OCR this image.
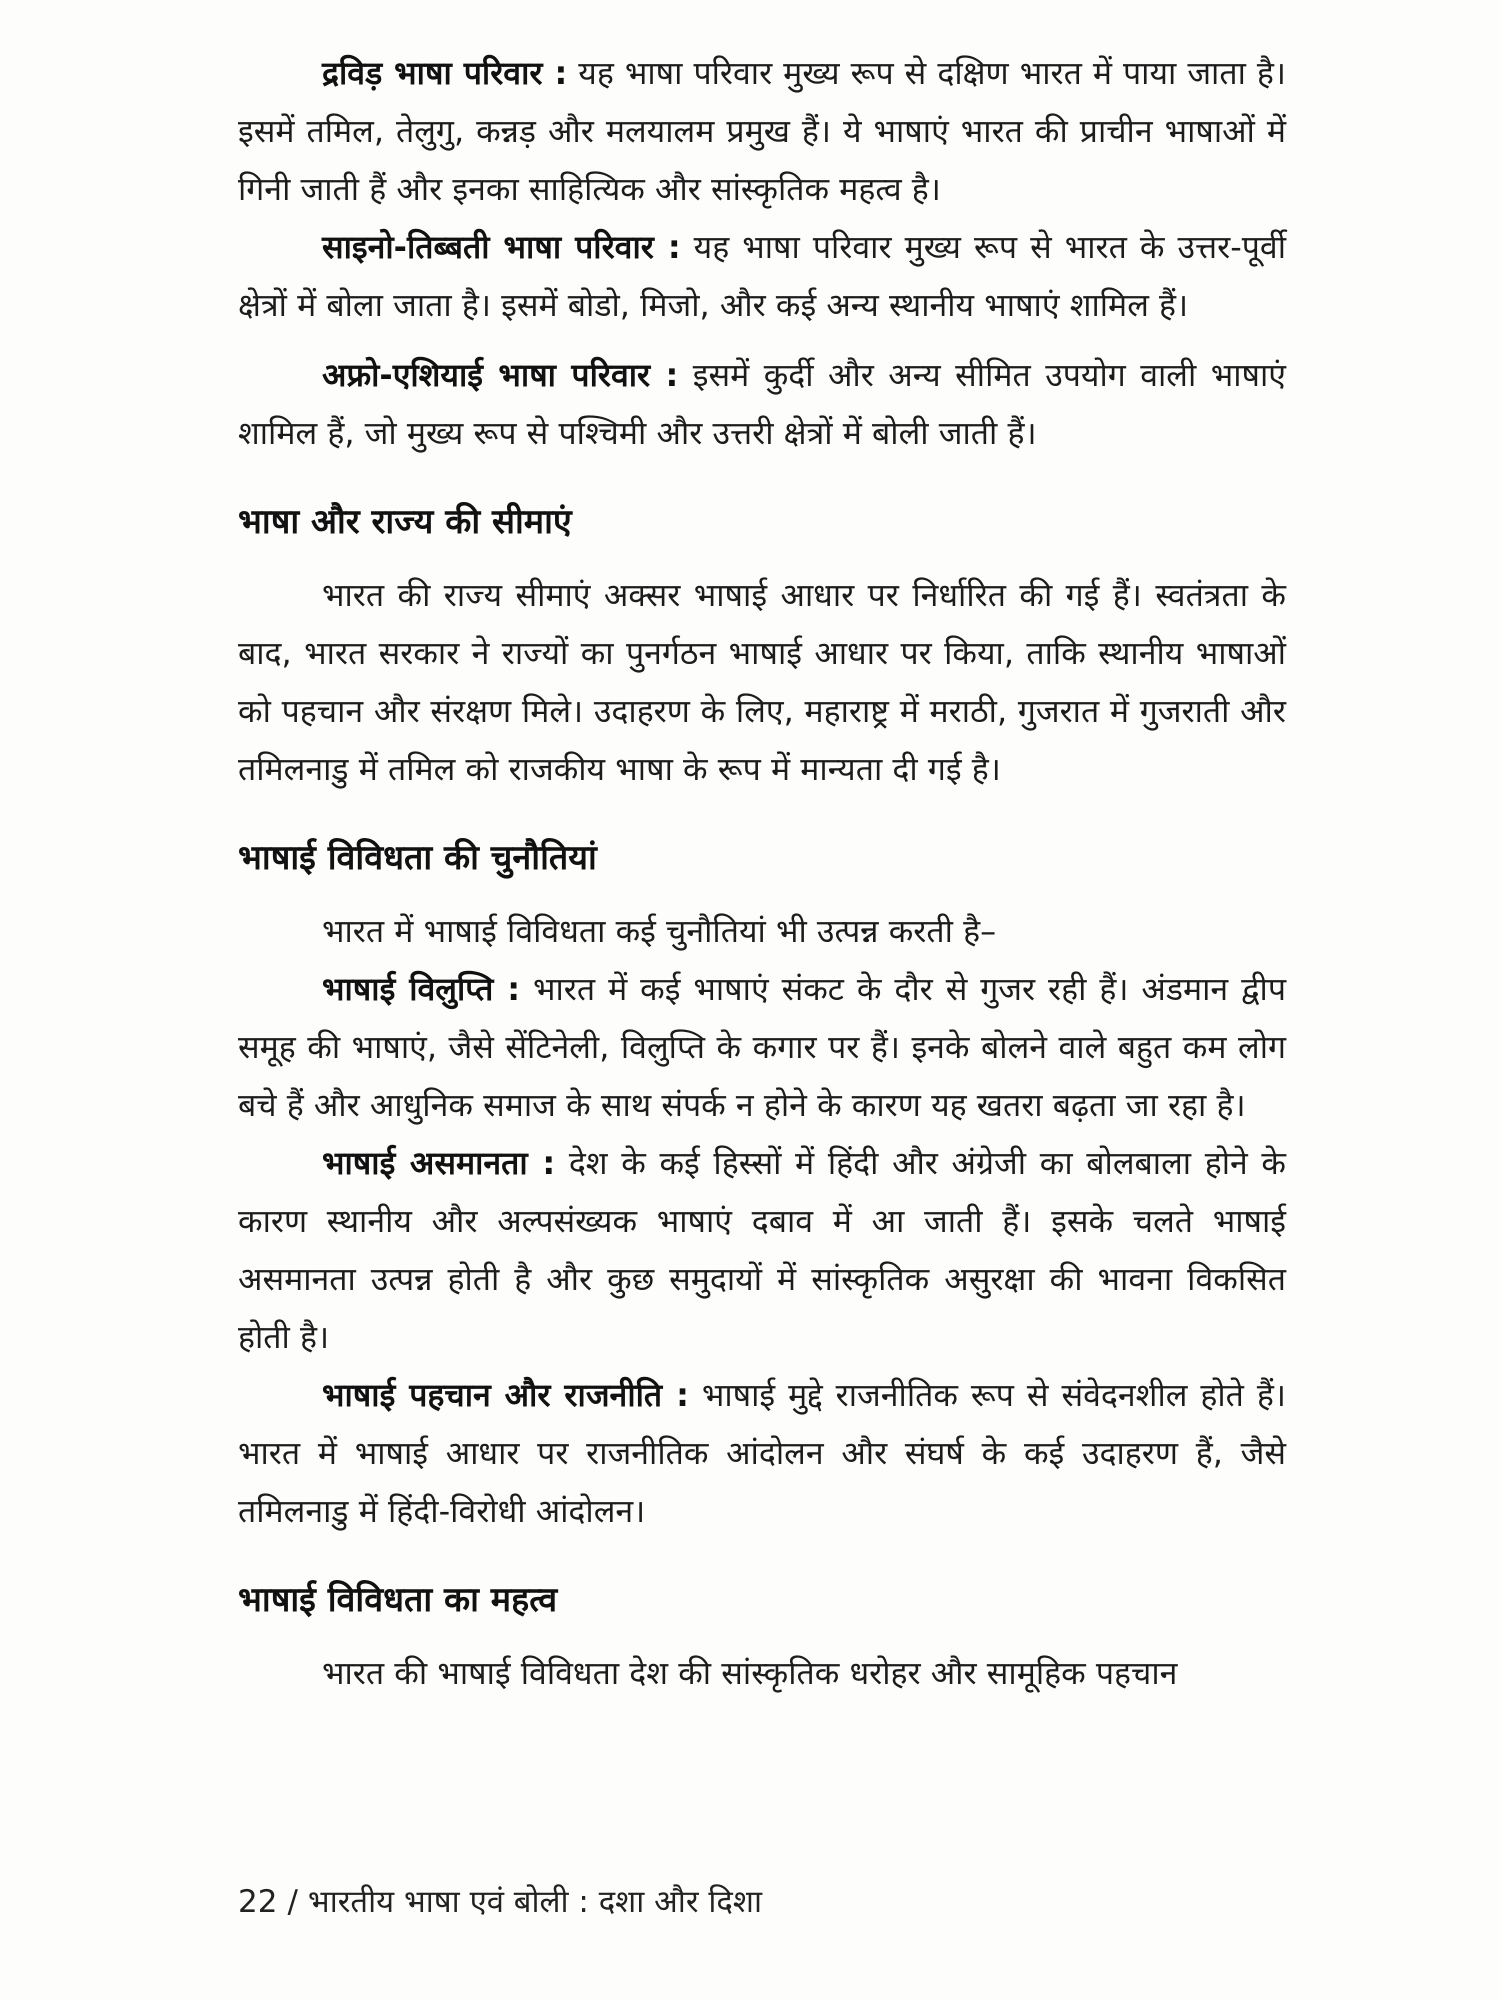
द्रविड़ भाषा परिवार : यह भाषा परिवार मुख्य रूप से दक्षिण भारत में पाया जाता है। इसमें तमिल, तेलुगु, कन्नड़ और मलयालम प्रमुख हैं। ये भाषाएं भारत की प्राचीन भाषाओं में गिनी जाती हैं और इनका साहित्यिक और सांस्कृतिक महत्व है।

साइनो-तिब्बती भाषा परिवार : यह भाषा परिवार मुख्य रूप से भारत के उत्तर-पूर्वी क्षेत्रों में बोला जाता है। इसमें बोडो, मिजो, और कई अन्य स्थानीय भाषाएं शामिल हैं।

अफ्रो-एशियाई भाषा परिवार : इसमें कुर्दी और अन्य सीमित उपयोग वाली भाषाएं शामिल हैं, जो मुख्य रूप से पश्चिमी और उत्तरी क्षेत्रों में बोली जाती हैं।

भाषा और राज्य की सीमाएं

भारत की राज्य सीमाएं अक्सर भाषाई आधार पर निर्धारित की गई हैं। स्वतंत्रता के बाद, भारत सरकार ने राज्यों का पुनर्गठन भाषाई आधार पर किया, ताकि स्थानीय भाषाओं को पहचान और संरक्षण मिले। उदाहरण के लिए, महाराष्ट्र में मराठी, गुजरात में गुजराती और तमिलनाडु में तमिल को राजकीय भाषा के रूप में मान्यता दी गई है।

भाषाई विविधता की चुनौतियां

भारत में भाषाई विविधता कई चुनौतियां भी उत्पन्न करती है–

भाषाई विलुप्ति : भारत में कई भाषाएं संकट के दौर से गुजर रही हैं। अंडमान द्वीप समूह की भाषाएं, जैसे सेंटिनेली, विलुप्ति के कगार पर हैं। इनके बोलने वाले बहुत कम लोग बचे हैं और आधुनिक समाज के साथ संपर्क न होने के कारण यह खतरा बढ़ता जा रहा है।

भाषाई असमानता : देश के कई हिस्सों में हिंदी और अंग्रेजी का बोलबाला होने के कारण स्थानीय और अल्पसंख्यक भाषाएं दबाव में आ जाती हैं। इसके चलते भाषाई असमानता उत्पन्न होती है और कुछ समुदायों में सांस्कृतिक असुरक्षा की भावना विकसित होती है।

भाषाई पहचान और राजनीति : भाषाई मुद्दे राजनीतिक रूप से संवेदनशील होते हैं। भारत में भाषाई आधार पर राजनीतिक आंदोलन और संघर्ष के कई उदाहरण हैं, जैसे तमिलनाडु में हिंदी-विरोधी आंदोलन।

भाषाई विविधता का महत्व

भारत की भाषाई विविधता देश की सांस्कृतिक धरोहर और सामूहिक पहचान

22 / भारतीय भाषा एवं बोली : दशा और दिशा
